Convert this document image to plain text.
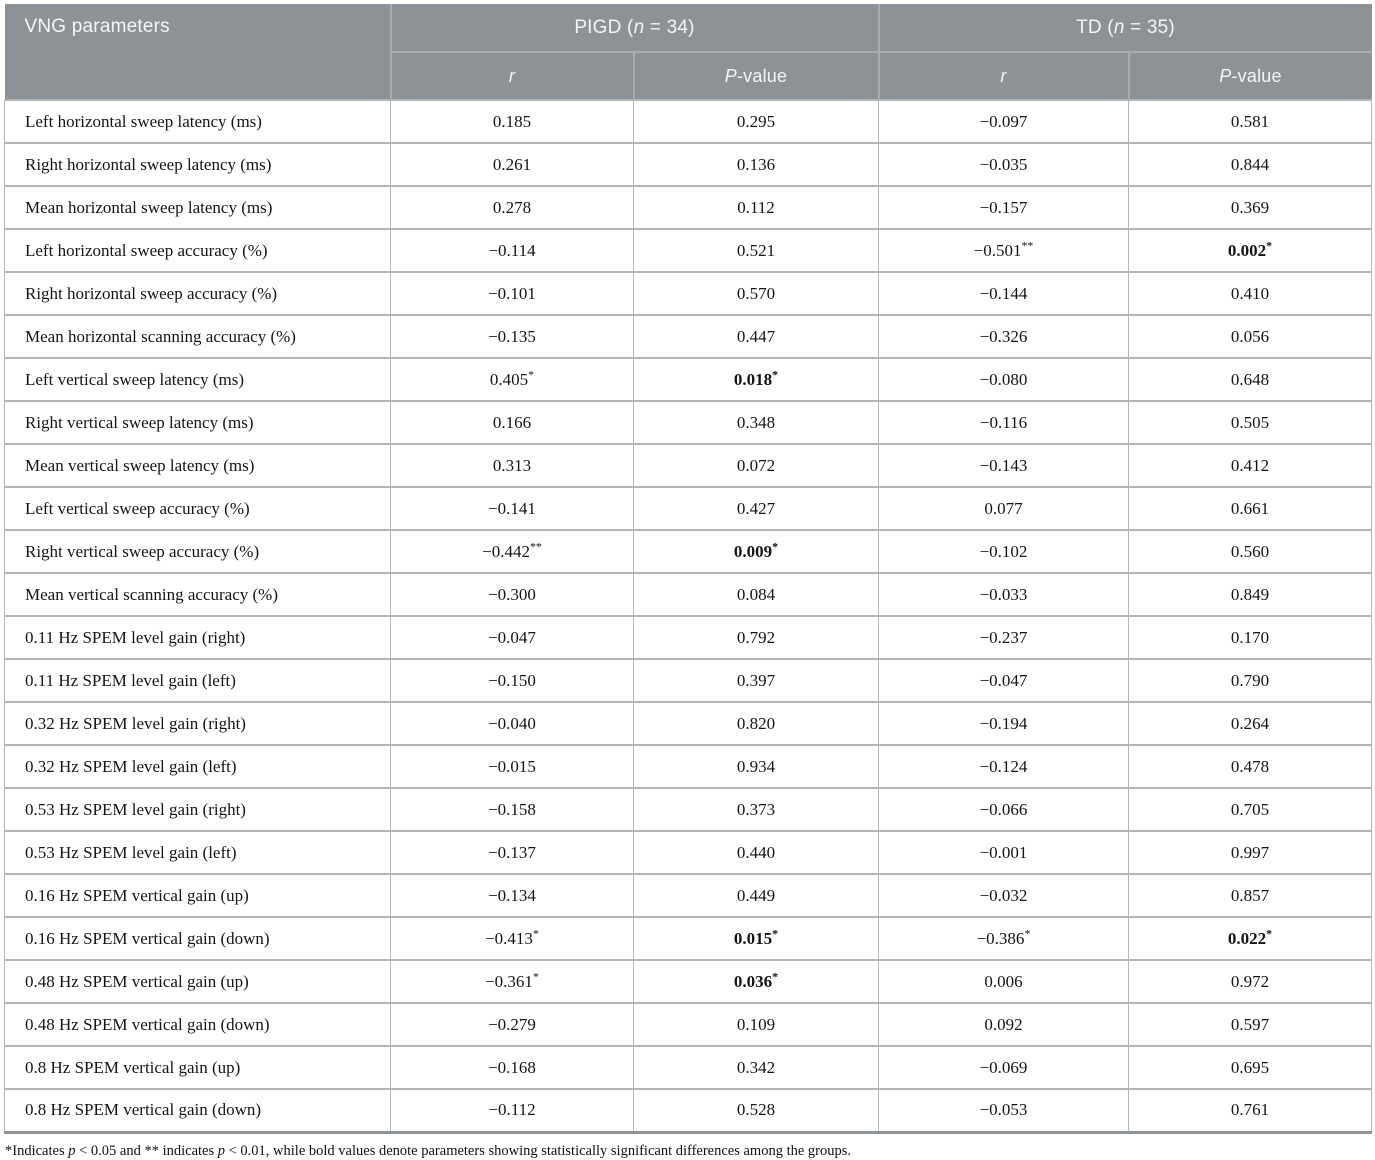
VNG parameters	PIGD (n = 34)		TD (n = 35)	
	r	P-value	r	P-value
Left horizontal sweep latency (ms)	0.185	0.295	−0.097	0.581
Right horizontal sweep latency (ms)	0.261	0.136	−0.035	0.844
Mean horizontal sweep latency (ms)	0.278	0.112	−0.157	0.369
Left horizontal sweep accuracy (%)	−0.114	0.521	−0.501**	0.002*
Right horizontal sweep accuracy (%)	−0.101	0.570	−0.144	0.410
Mean horizontal scanning accuracy (%)	−0.135	0.447	−0.326	0.056
Left vertical sweep latency (ms)	0.405*	0.018*	−0.080	0.648
Right vertical sweep latency (ms)	0.166	0.348	−0.116	0.505
Mean vertical sweep latency (ms)	0.313	0.072	−0.143	0.412
Left vertical sweep accuracy (%)	−0.141	0.427	0.077	0.661
Right vertical sweep accuracy (%)	−0.442**	0.009*	−0.102	0.560
Mean vertical scanning accuracy (%)	−0.300	0.084	−0.033	0.849
0.11 Hz SPEM level gain (right)	−0.047	0.792	−0.237	0.170
0.11 Hz SPEM level gain (left)	−0.150	0.397	−0.047	0.790
0.32 Hz SPEM level gain (right)	−0.040	0.820	−0.194	0.264
0.32 Hz SPEM level gain (left)	−0.015	0.934	−0.124	0.478
0.53 Hz SPEM level gain (right)	−0.158	0.373	−0.066	0.705
0.53 Hz SPEM level gain (left)	−0.137	0.440	−0.001	0.997
0.16 Hz SPEM vertical gain (up)	−0.134	0.449	−0.032	0.857
0.16 Hz SPEM vertical gain (down)	−0.413*	0.015*	−0.386*	0.022*
0.48 Hz SPEM vertical gain (up)	−0.361*	0.036*	0.006	0.972
0.48 Hz SPEM vertical gain (down)	−0.279	0.109	0.092	0.597
0.8 Hz SPEM vertical gain (up)	−0.168	0.342	−0.069	0.695
0.8 Hz SPEM vertical gain (down)	−0.112	0.528	−0.053	0.761
*Indicates p < 0.05 and ** indicates p < 0.01, while bold values denote parameters showing statistically significant differences among the groups.
